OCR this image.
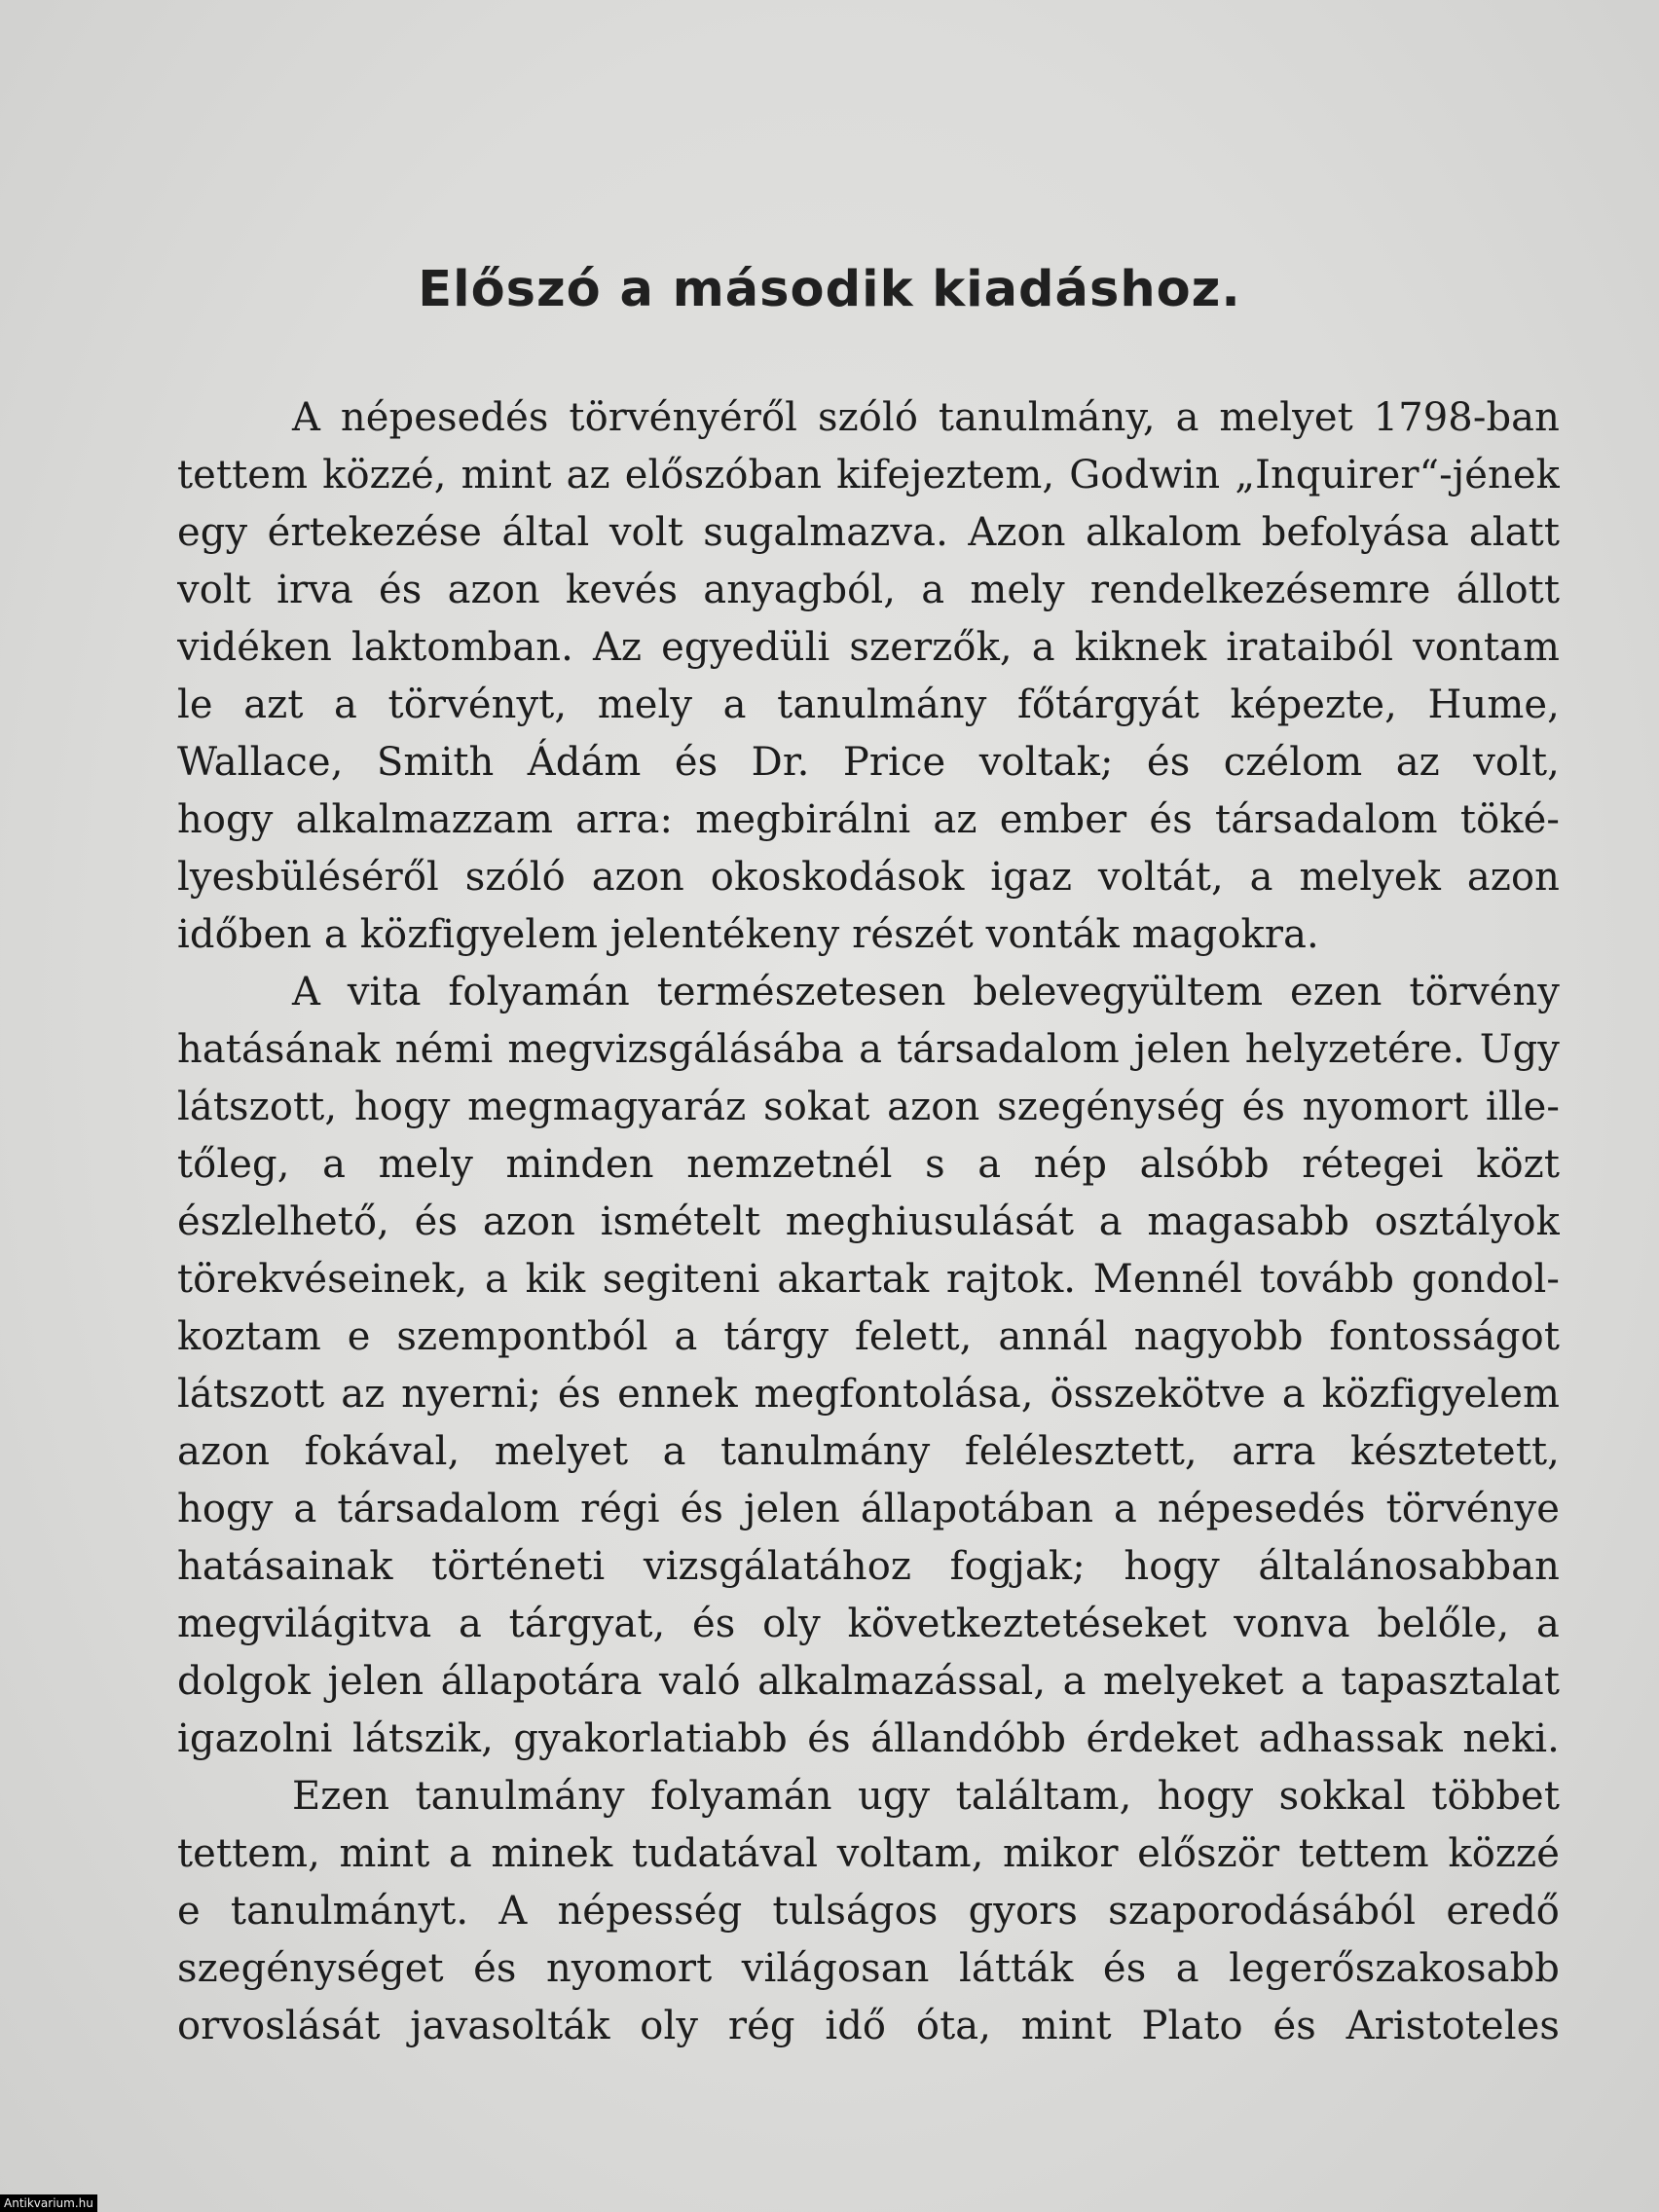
Előszó a második kiadáshoz.
A népesedés törvényéről szóló tanulmány, a melyet 1798-ban
tettem közzé, mint az előszóban kifejeztem, Godwin „Inquirer“-jének
egy értekezése által volt sugalmazva. Azon alkalom befolyása alatt
volt irva és azon kevés anyagból, a mely rendelkezésemre állott
vidéken laktomban. Az egyedüli szerzők, a kiknek irataiból vontam
le azt a törvényt, mely a tanulmány főtárgyát képezte, Hume,
Wallace, Smith Ádám és Dr. Price voltak; és czélom az volt,
hogy alkalmazzam arra: megbirálni az ember és társadalom töké-
lyesbüléséről szóló azon okoskodások igaz voltát, a melyek azon
időben a közfigyelem jelentékeny részét vonták magokra.
A vita folyamán természetesen belevegyültem ezen törvény
hatásának némi megvizsgálásába a társadalom jelen helyzetére. Ugy
látszott, hogy megmagyaráz sokat azon szegénység és nyomort ille-
tőleg, a mely minden nemzetnél s a nép alsóbb rétegei közt
észlelhető, és azon ismételt meghiusulását a magasabb osztályok
törekvéseinek, a kik segiteni akartak rajtok. Mennél tovább gondol-
koztam e szempontból a tárgy felett, annál nagyobb fontosságot
látszott az nyerni; és ennek megfontolása, összekötve a közfigyelem
azon fokával, melyet a tanulmány felélesztett, arra késztetett,
hogy a társadalom régi és jelen állapotában a népesedés törvénye
hatásainak történeti vizsgálatához fogjak; hogy általánosabban
megvilágitva a tárgyat, és oly következtetéseket vonva belőle, a
dolgok jelen állapotára való alkalmazással, a melyeket a tapasztalat
igazolni látszik, gyakorlatiabb és állandóbb érdeket adhassak neki.
Ezen tanulmány folyamán ugy találtam, hogy sokkal többet
tettem, mint a minek tudatával voltam, mikor először tettem közzé
e tanulmányt. A népesség tulságos gyors szaporodásából eredő
szegénységet és nyomort világosan látták és a legerőszakosabb
orvoslását javasolták oly rég idő óta, mint Plato és Aristoteles
Antikvarium.hu
